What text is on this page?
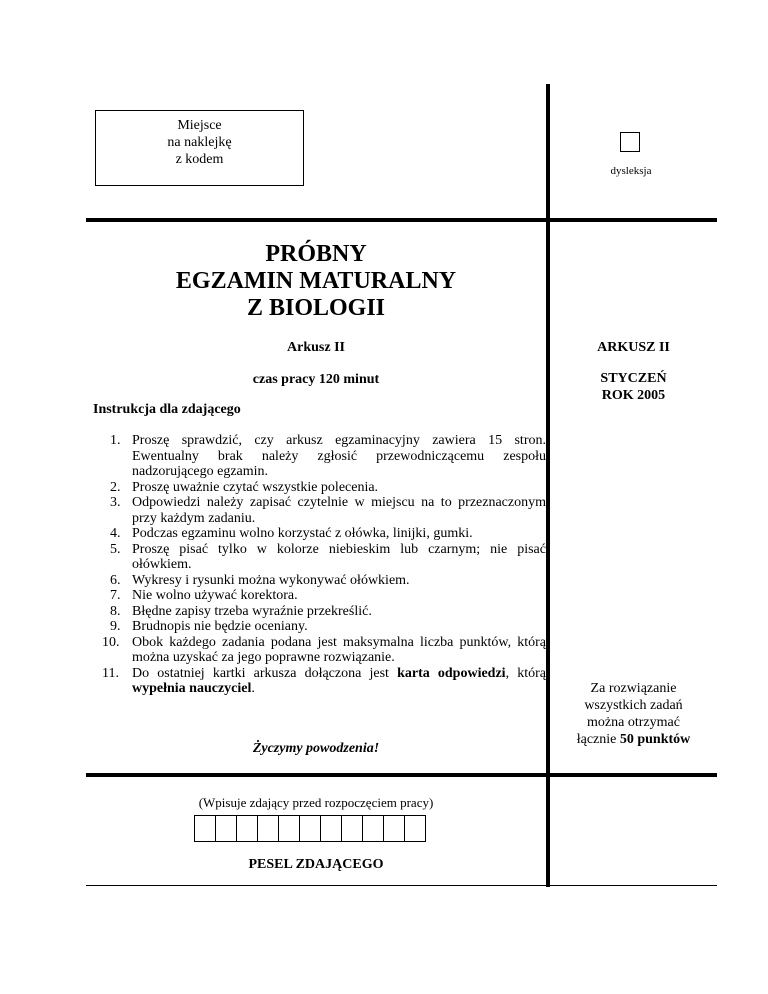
Miejsce
na naklejkę
z kodem
dysleksja
PRÓBNY
EGZAMIN MATURALNY
Z BIOLOGII
Arkusz II
czas pracy 120 minut
Instrukcja dla zdającego
ARKUSZ II
STYCZEŃ
ROK 2005
1. Proszę sprawdzić, czy arkusz egzaminacyjny zawiera 15 stron. Ewentualny brak należy zgłosić przewodniczącemu zespołu nadzorującego egzamin.
2. Proszę uważnie czytać wszystkie polecenia.
3. Odpowiedzi należy zapisać czytelnie w miejscu na to przeznaczonym przy każdym zadaniu.
4. Podczas egzaminu wolno korzystać z ołówka, linijki, gumki.
5. Proszę pisać tylko w kolorze niebieskim lub czarnym; nie pisać ołówkiem.
6. Wykresy i rysunki można wykonywać ołówkiem.
7. Nie wolno używać korektora.
8. Błędne zapisy trzeba wyraźnie przekreślić.
9. Brudnopis nie będzie oceniany.
10. Obok każdego zadania podana jest maksymalna liczba punktów, którą można uzyskać za jego poprawne rozwiązanie.
11. Do ostatniej kartki arkusza dołączona jest karta odpowiedzi, którą wypełnia nauczyciel.	Za rozwiązanie
wszystkich zadań
można otrzymać
łącznie 50 punktów
Życzymy powodzenia!
(Wpisuje zdający przed rozpoczęciem pracy)
PESEL ZDAJĄCEGO
